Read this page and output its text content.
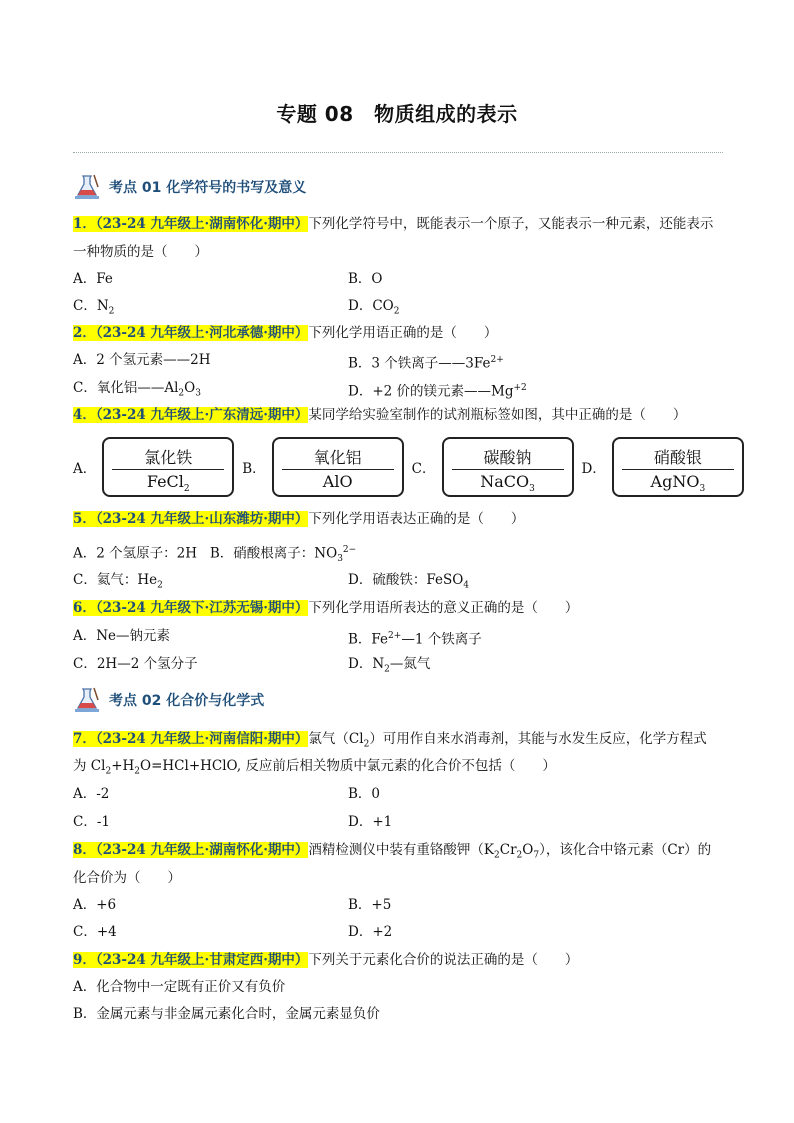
专题 08　物质组成的表示
考点 01 化学符号的书写及意义
1．（23-24 九年级上·湖南怀化·期中）下列化学符号中，既能表示一个原子，又能表示一种元素，还能表示
一种物质的是（　　）
A．Fe	B．O
C．$N_2$	D．$CO_2$
2．（23-24 九年级上·河北承德·期中）下列化学用语正确的是（　　）
A．2 个氢元素——2H	B．3 个铁离子$——3Fe^{2+}$
C．氧化铝$——Al_2O_3$	D．+2 价的镁元素$——Mg^{+2}$
4．（23-24 九年级上·广东清远·期中）某同学给实验室制作的试剂瓶标签如图，其中正确的是（　　）
A．
氯化铁
FeCl$_2$
B．
氧化铝
AlO
C．
碳酸钠
NaCO$_3$
D．
硝酸银
AgNO$_3$
5．（23-24 九年级上·山东潍坊·期中）下列化学用语表达正确的是（　　）
A．2 个氢原子：2H B．硝酸根离子：$NO_3^{2-}$
C．氦气：$He_2$	D．硫酸铁：FeSO$_4$
6．（23-24 九年级下·江苏无锡·期中）下列化学用语所表达的意义正确的是（　　）
A．Ne—钠元素	B．$Fe^{2+}—1$ 个铁离子
C．2H—2 个氢分子	D．$N_2—$氮气
考点 02 化合价与化学式
7．（23-24 九年级上·河南信阳·期中）氯气$(Cl_2)$可用作自来水消毒剂，其能与水发生反应，化学方程式
为 $Cl_2+H_2O=HCl+HClO$, 反应前后相关物质中氯元素的化合价不包括（　　）
A．-2	B．0
C．-1	D．+1
8．（23-24 九年级上·湖南怀化·期中）酒精检测仪中装有重铬酸钾$(K_2Cr_2O_7)$，该化合中铬元素（Cr）的
化合价为（　　）
A．+6	B．+5
C．+4	D．+2
9．（23-24 九年级上·甘肃定西·期中）下列关于元素化合价的说法正确的是（　　）
A．化合物中一定既有正价又有负价
B．金属元素与非金属元素化合时，金属元素显负价
